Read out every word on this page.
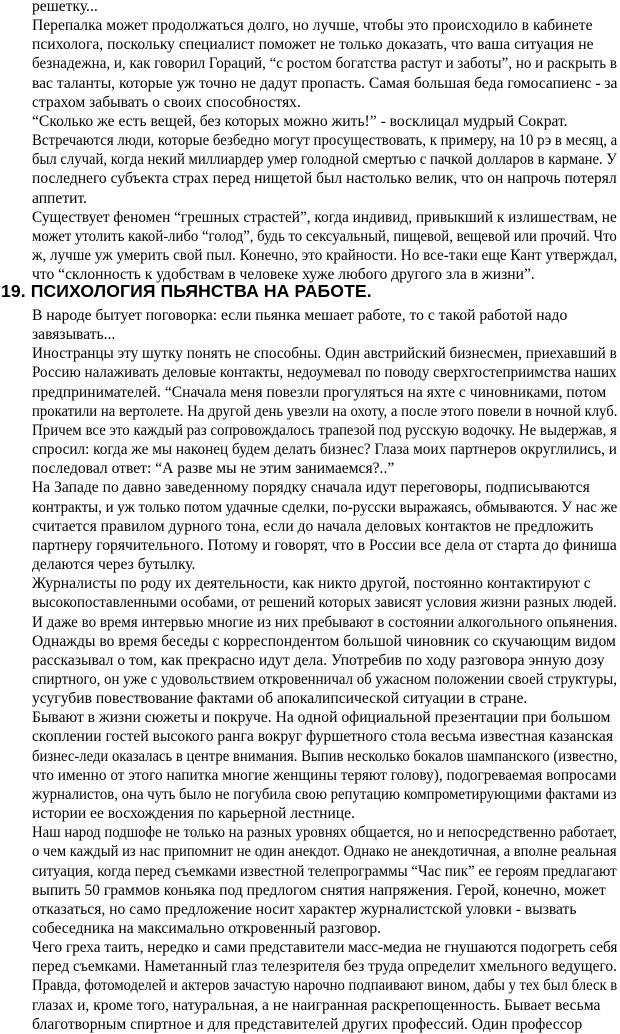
решетку...
Перепалка может продолжаться долго, но лучше, чтобы это происходило в кабинете
психолога, поскольку специалист поможет не только доказать, что ваша ситуация не
безнадежна, и, как говорил Гораций, “с ростом богатства растут и заботы”, но и раскрыть в
вас таланты, которые уж точно не дадут пропасть. Самая большая беда гомосапиенс - за
страхом забывать о своих способностях.
“Сколько же есть вещей, без которых можно жить!” - восклицал мудрый Сократ.
Встречаются люди, которые безбедно могут просуществовать, к примеру, на 10 рэ в месяц, а
был случай, когда некий миллиардер умер голодной смертью с пачкой долларов в кармане. У
последнего субъекта страх перед нищетой был настолько велик, что он напрочь потерял
аппетит.
Существует феномен “грешных страстей”, когда индивид, привыкший к излишествам, не
может утолить какой-либо “голод”, будь то сексуальный, пищевой, вещевой или прочий. Что
ж, лучше уж умерить свой пыл. Конечно, это крайности. Но все-таки еще Кант утверждал,
что “склонность к удобствам в человеке хуже любого другого зла в жизни”.

19. ПСИХОЛОГИЯ ПЬЯНСТВА НА РАБОТЕ.

В народе бытует поговорка: если пьянка мешает работе, то с такой работой надо
завязывать...
Иностранцы эту шутку понять не способны. Один австрийский бизнесмен, приехавший в
Россию налаживать деловые контакты, недоумевал по поводу сверхгостеприимства наших
предпринимателей. “Сначала меня повезли прогуляться на яхте с чиновниками, потом
прокатили на вертолете. На другой день увезли на охоту, а после этого повели в ночной клуб.
Причем все это каждый раз сопровождалось трапезой под русскую водочку. Не выдержав, я
спросил: когда же мы наконец будем делать бизнес? Глаза моих партнеров округлились, и
последовал ответ: “А разве мы не этим занимаемся?..”
На Западе по давно заведенному порядку сначала идут переговоры, подписываются
контракты, и уж только потом удачные сделки, по-русски выражаясь, обмываются. У нас же
считается правилом дурного тона, если до начала деловых контактов не предложить
партнеру горячительного. Потому и говорят, что в России все дела от старта до финиша
делаются через бутылку.
Журналисты по роду их деятельности, как никто другой, постоянно контактируют с
высокопоставленными особами, от решений которых зависят условия жизни разных людей.
И даже во время интервью многие из них пребывают в состоянии алкогольного опьянения.
Однажды во время беседы с корреспондентом большой чиновник со скучающим видом
рассказывал о том, как прекрасно идут дела. Употребив по ходу разговора энную дозу
спиртного, он уже с удовольствием откровенничал об ужасном положении своей структуры,
усугубив повествование фактами об апокалипсической ситуации в стране.
Бывают в жизни сюжеты и покруче. На одной официальной презентации при большом
скоплении гостей высокого ранга вокруг фуршетного стола весьма известная казанская
бизнес-леди оказалась в центре внимания. Выпив несколько бокалов шампанского (известно,
что именно от этого напитка многие женщины теряют голову), подогреваемая вопросами
журналистов, она чуть было не погубила свою репутацию компрометирующими фактами из
истории ее восхождения по карьерной лестнице.
Наш народ подшофе не только на разных уровнях общается, но и непосредственно работает,
о чем каждый из нас припомнит не один анекдот. Однако не анекдотичная, а вполне реальная
ситуация, когда перед съемками известной телепрограммы “Час пик” ее героям предлагают
выпить 50 граммов коньяка под предлогом снятия напряжения. Герой, конечно, может
отказаться, но само предложение носит характер журналистской уловки - вызвать
собеседника на максимально откровенный разговор.
Чего греха таить, нередко и сами представители масс-медиа не гнушаются подогреть себя
перед съемками. Наметанный глаз телезрителя без труда определит хмельного ведущего.
Правда, фотомоделей и актеров зачастую нарочно подпаивают вином, дабы у тех был блеск в
глазах и, кроме того, натуральная, а не наигранная раскрепощенность. Бывает весьма
благотворным спиртное и для представителей других профессий. Один профессор
